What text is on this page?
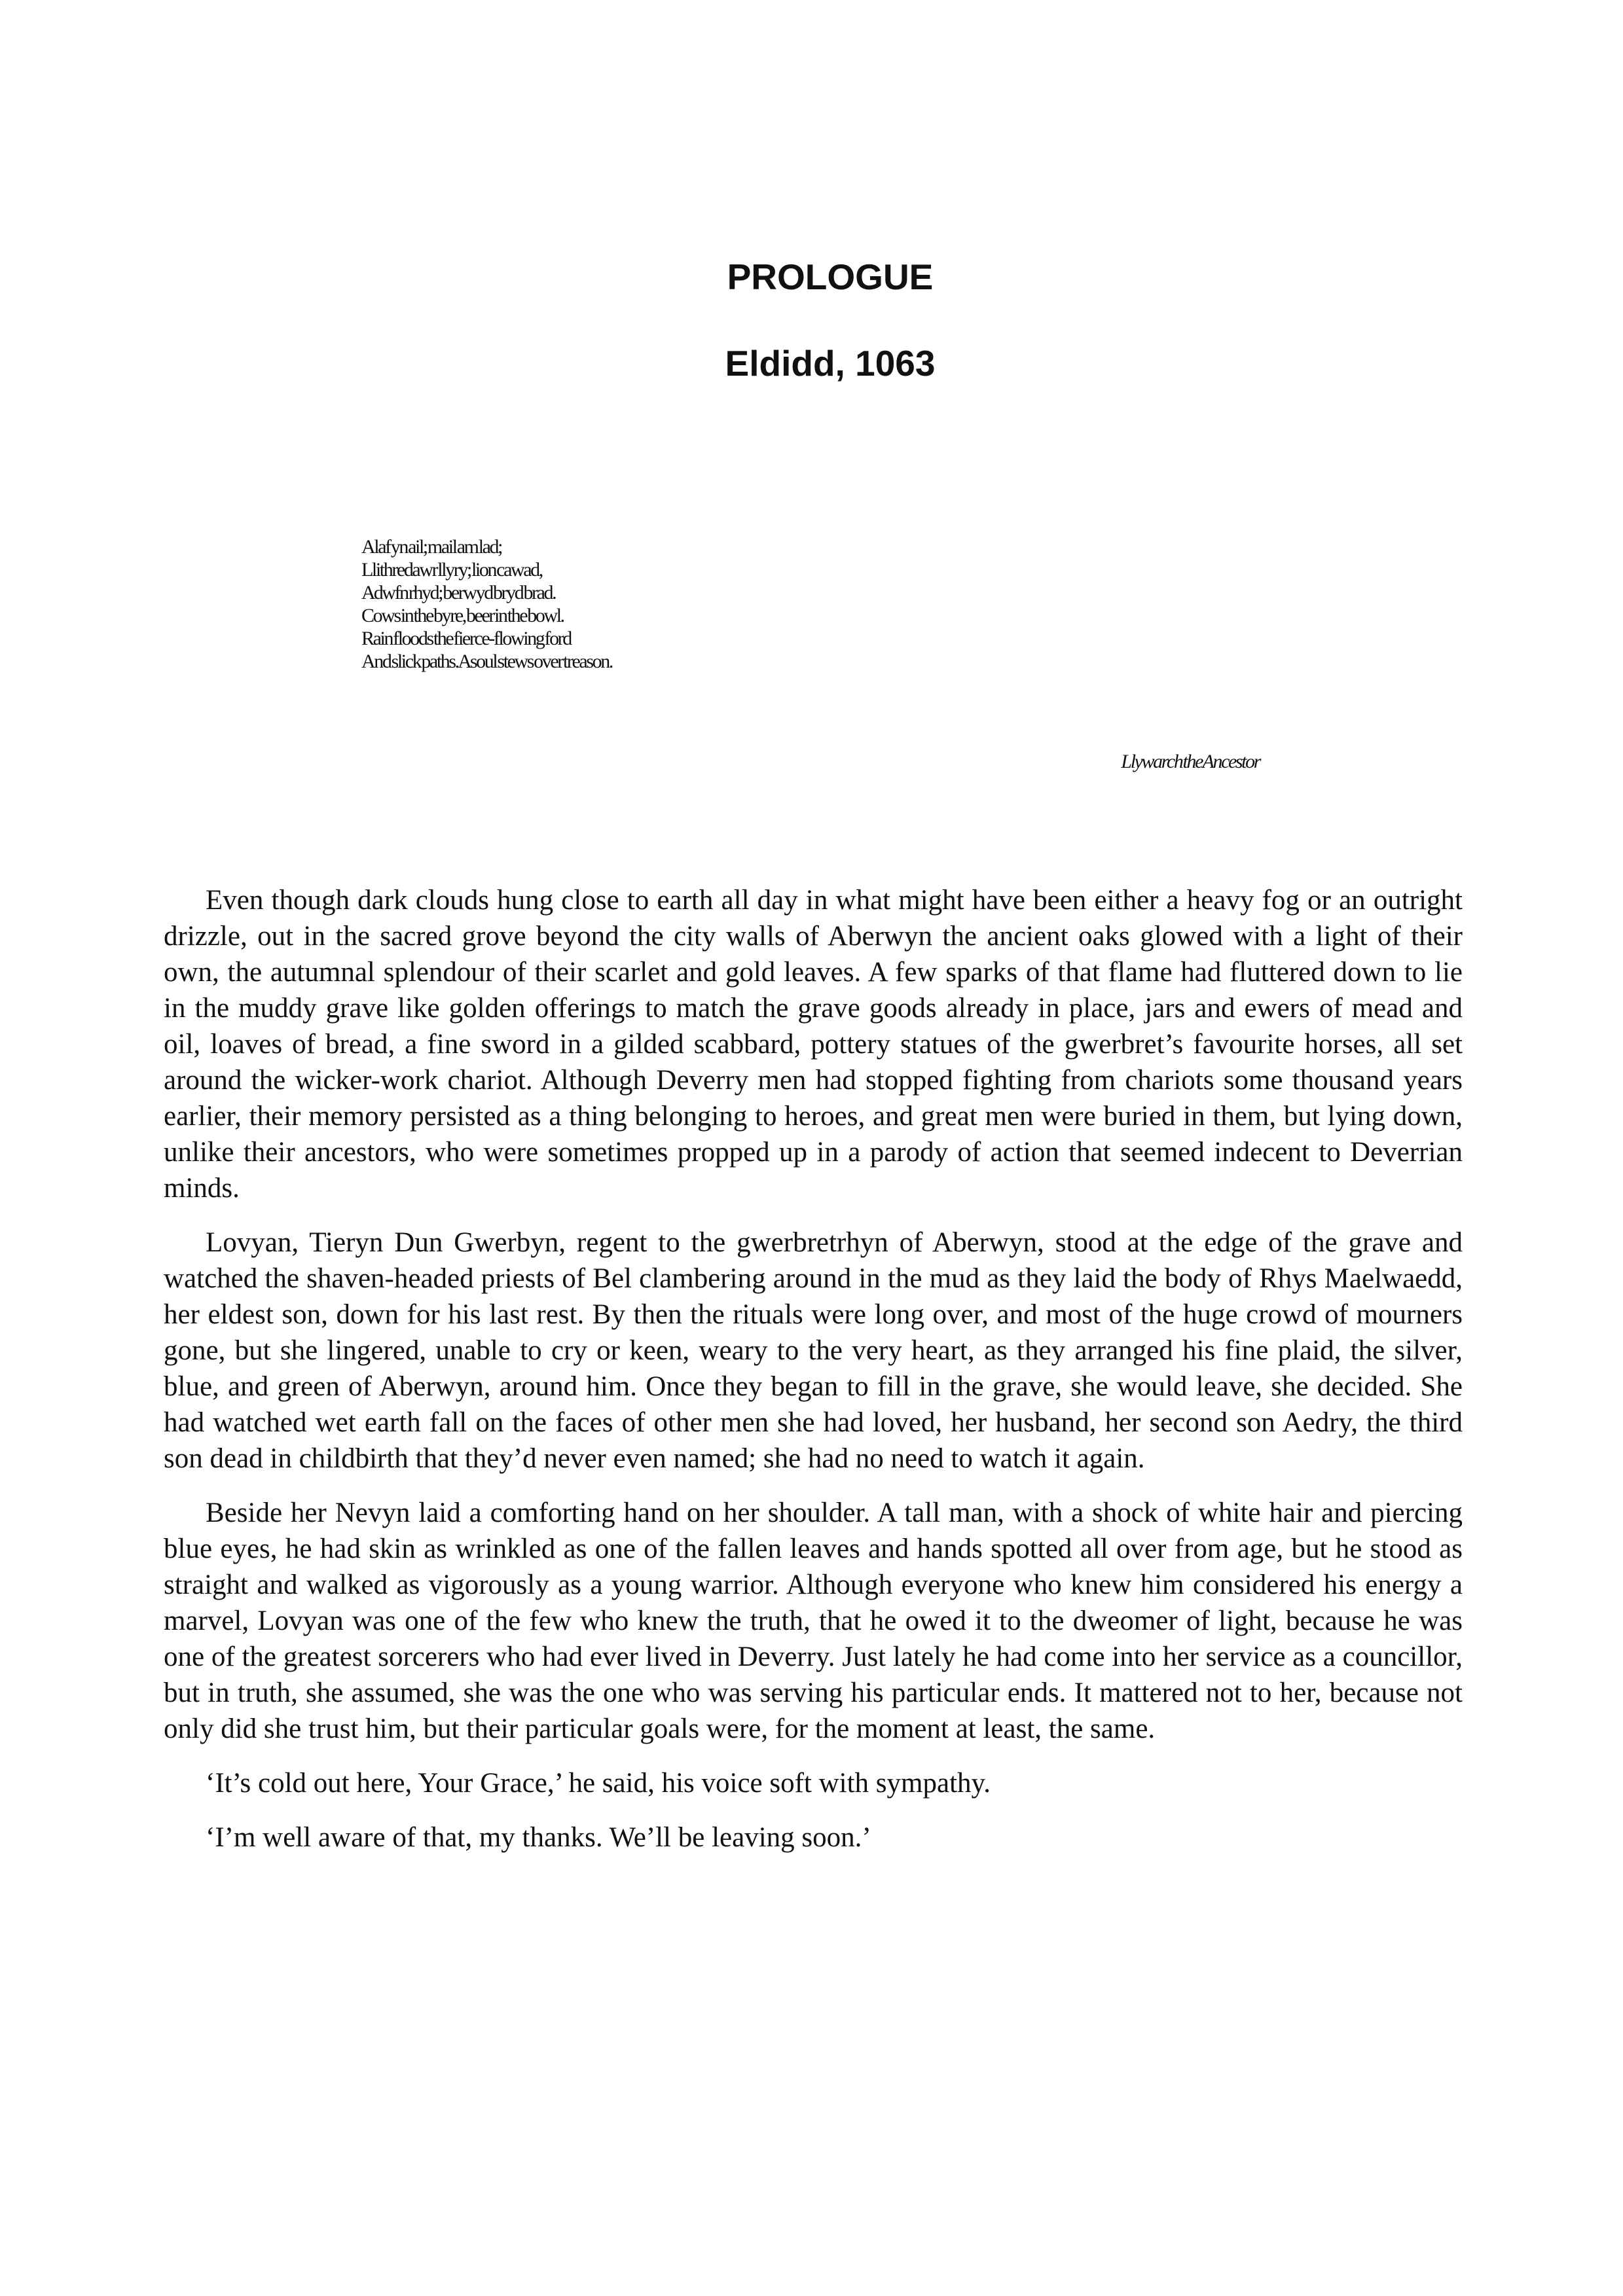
PROLOGUE
Eldidd, 1063
Alaf yn ail; mail am lad;
Llithredawr llyry; lion cawad,
A dwfn rhyd; berwyd bryd brad.
Cows in the byre, beer in the bowl.
Rain floods the fierce-flowing ford
And slick paths. A soul stews over treason.
Llywarch the Ancestor

Even though dark clouds hung close to earth all day in what might have been either a heavy fog or an outright drizzle, out in the sacred grove beyond the city walls of Aberwyn the ancient oaks glowed with a light of their own, the autumnal splendour of their scarlet and gold leaves. A few sparks of that flame had fluttered down to lie in the muddy grave like golden offerings to match the grave goods already in place, jars and ewers of mead and oil, loaves of bread, a fine sword in a gilded scabbard, pottery statues of the gwerbret’s favourite horses, all set around the wicker-work chariot. Although Deverry men had stopped fighting from chariots some thousand years earlier, their memory persisted as a thing belonging to heroes, and great men were buried in them, but lying down, unlike their ancestors, who were sometimes propped up in a parody of action that seemed indecent to Deverrian minds.

Lovyan, Tieryn Dun Gwerbyn, regent to the gwerbretrhyn of Aberwyn, stood at the edge of the grave and watched the shaven-headed priests of Bel clambering around in the mud as they laid the body of Rhys Maelwaedd, her eldest son, down for his last rest. By then the rituals were long over, and most of the huge crowd of mourners gone, but she lingered, unable to cry or keen, weary to the very heart, as they arranged his fine plaid, the silver, blue, and green of Aberwyn, around him. Once they began to fill in the grave, she would leave, she decided. She had watched wet earth fall on the faces of other men she had loved, her husband, her second son Aedry, the third son dead in childbirth that they’d never even named; she had no need to watch it again.

Beside her Nevyn laid a comforting hand on her shoulder. A tall man, with a shock of white hair and piercing blue eyes, he had skin as wrinkled as one of the fallen leaves and hands spotted all over from age, but he stood as straight and walked as vigorously as a young warrior. Although everyone who knew him considered his energy a marvel, Lovyan was one of the few who knew the truth, that he owed it to the dweomer of light, because he was one of the greatest sorcerers who had ever lived in Deverry. Just lately he had come into her service as a councillor, but in truth, she assumed, she was the one who was serving his particular ends. It mattered not to her, because not only did she trust him, but their particular goals were, for the moment at least, the same.

‘It’s cold out here, Your Grace,’ he said, his voice soft with sympathy.

‘I’m well aware of that, my thanks. We’ll be leaving soon.’
